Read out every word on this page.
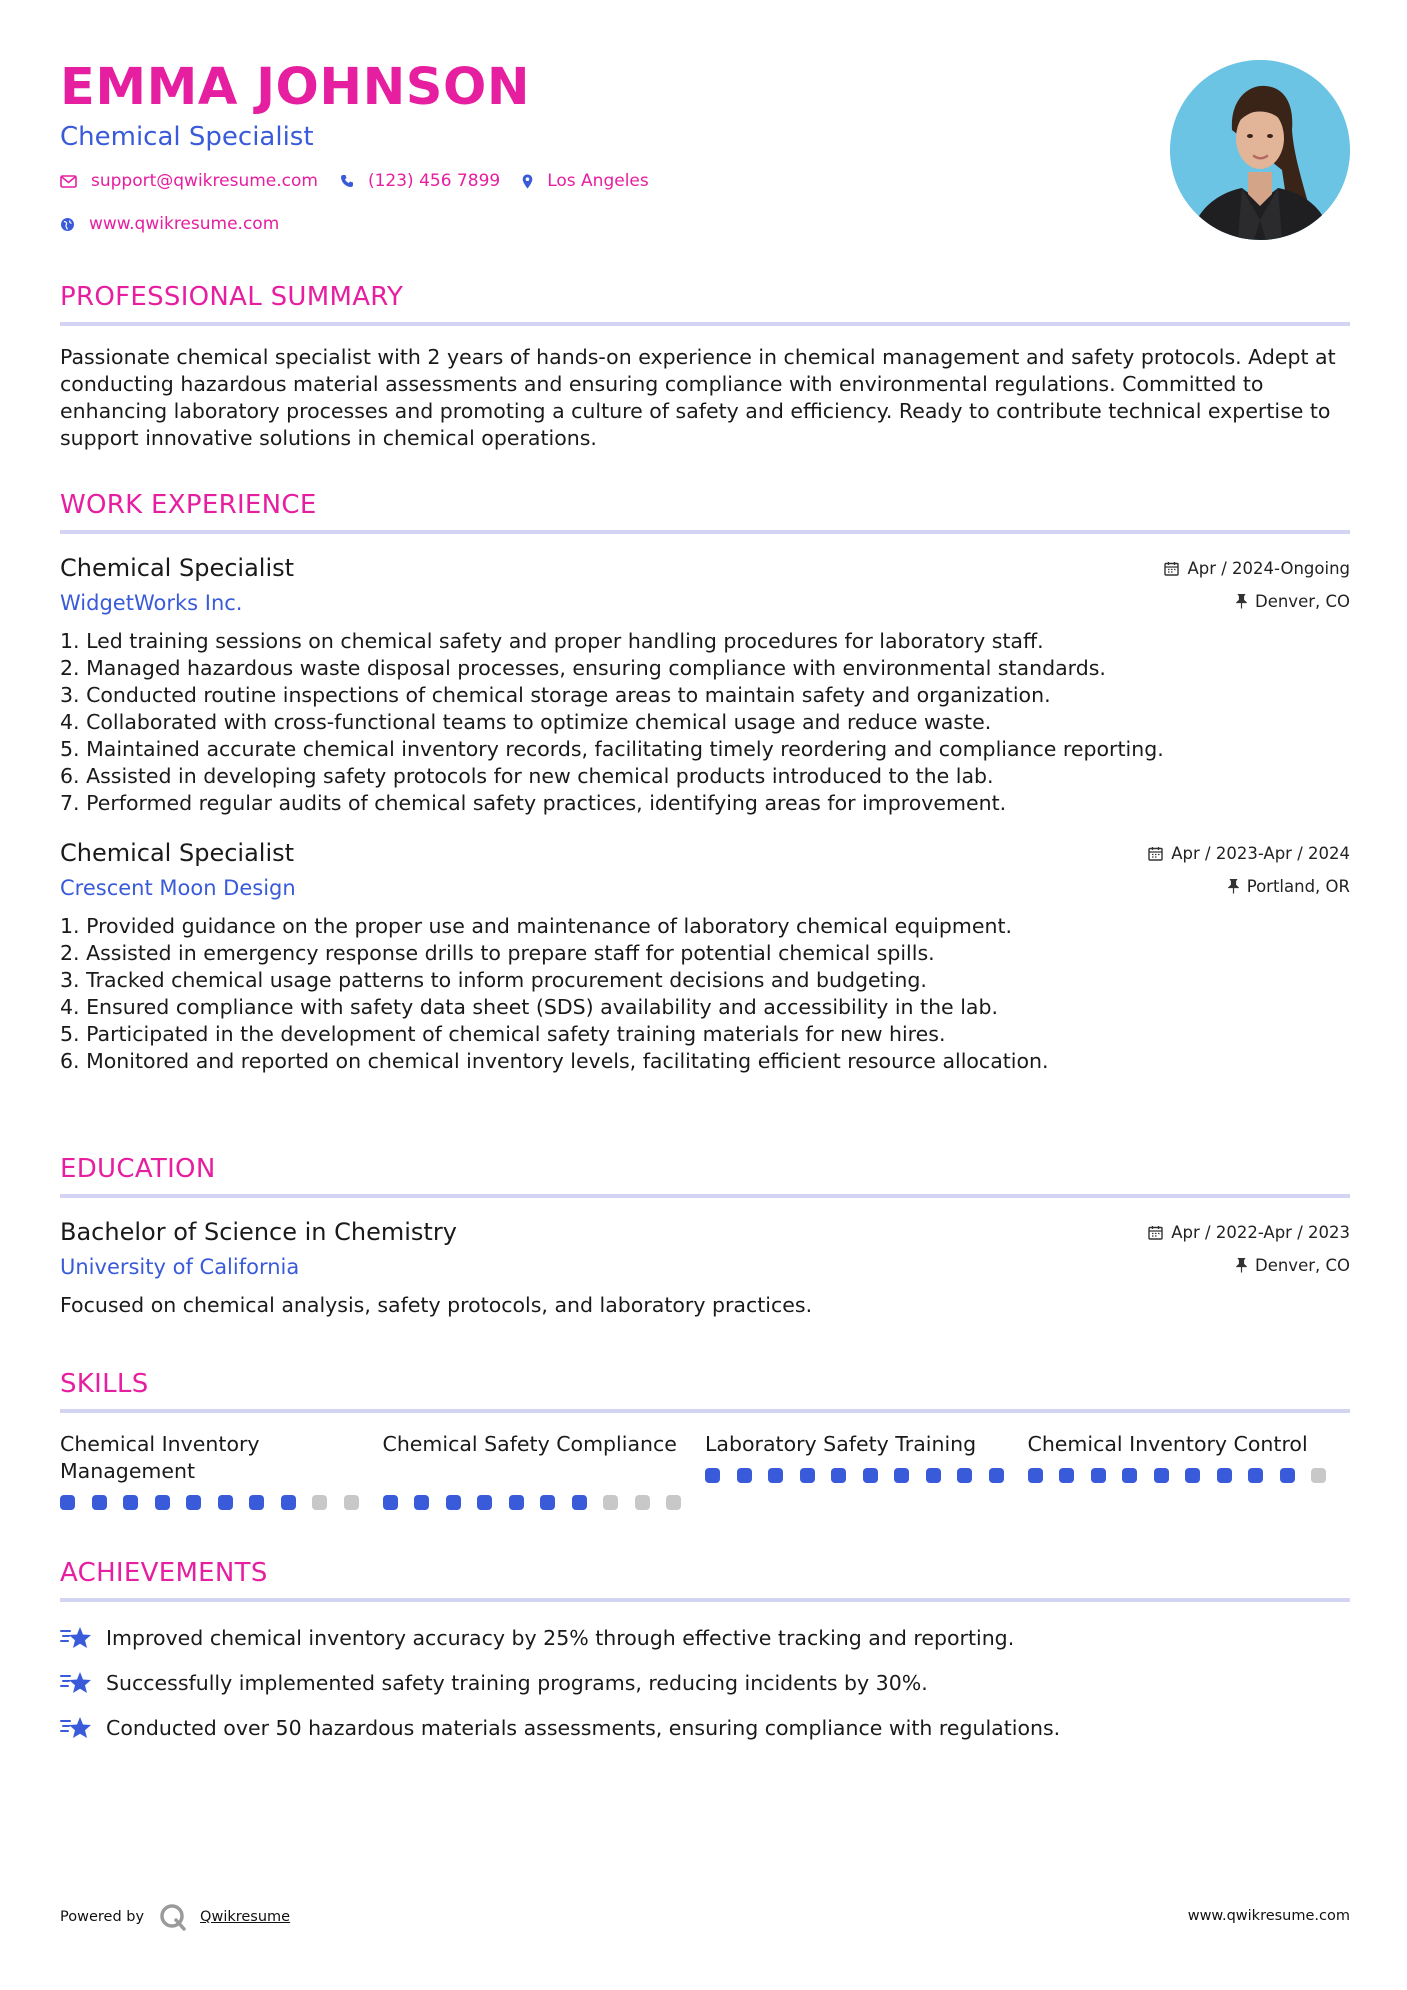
EMMA JOHNSON
Chemical Specialist
support@qwikresume.com	(123) 456 7899	Los Angeles
www.qwikresume.com
PROFESSIONAL SUMMARY
Passionate chemical specialist with 2 years of hands-on experience in chemical management and safety protocols. Adept at conducting hazardous material assessments and ensuring compliance with environmental regulations. Committed to enhancing laboratory processes and promoting a culture of safety and efficiency. Ready to contribute technical expertise to support innovative solutions in chemical operations.
WORK EXPERIENCE
Chemical Specialist
WidgetWorks Inc.
Apr / 2024-Ongoing
Denver, CO
1. Led training sessions on chemical safety and proper handling procedures for laboratory staff.
2. Managed hazardous waste disposal processes, ensuring compliance with environmental standards.
3. Conducted routine inspections of chemical storage areas to maintain safety and organization.
4. Collaborated with cross-functional teams to optimize chemical usage and reduce waste.
5. Maintained accurate chemical inventory records, facilitating timely reordering and compliance reporting.
6. Assisted in developing safety protocols for new chemical products introduced to the lab.
7. Performed regular audits of chemical safety practices, identifying areas for improvement.
Chemical Specialist
Crescent Moon Design
Apr / 2023-Apr / 2024
Portland, OR
1. Provided guidance on the proper use and maintenance of laboratory chemical equipment.
2. Assisted in emergency response drills to prepare staff for potential chemical spills.
3. Tracked chemical usage patterns to inform procurement decisions and budgeting.
4. Ensured compliance with safety data sheet (SDS) availability and accessibility in the lab.
5. Participated in the development of chemical safety training materials for new hires.
6. Monitored and reported on chemical inventory levels, facilitating efficient resource allocation.
EDUCATION
Bachelor of Science in Chemistry
University of California
Apr / 2022-Apr / 2023
Denver, CO
Focused on chemical analysis, safety protocols, and laboratory practices.
SKILLS
Chemical Inventory Management
Chemical Safety Compliance	Laboratory Safety Training	Chemical Inventory Control
ACHIEVEMENTS
Improved chemical inventory accuracy by 25% through effective tracking and reporting.
Successfully implemented safety training programs, reducing incidents by 30%.
Conducted over 50 hazardous materials assessments, ensuring compliance with regulations.
Powered by	Qwikresume	www.qwikresume.com
